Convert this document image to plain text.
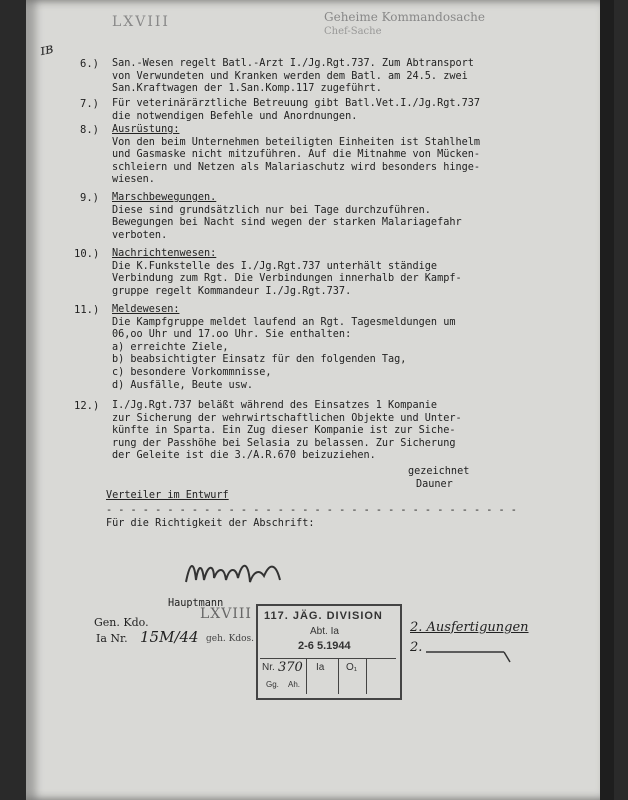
LXVIII	Geheime Kommandosache
Chef-Sache
ɪʙ
6.) San.-Wesen regelt Batl.-Arzt I./Jg.Rgt.737. Zum Abtransport
von Verwundeten und Kranken werden dem Batl. am 24.5. zwei
San.Kraftwagen der 1.San.Komp.117 zugeführt.
7.) Für veterinärärztliche Betreuung gibt Batl.Vet.I./Jg.Rgt.737
die notwendigen Befehle und Anordnungen.
8.) Ausrüstung:
Von den beim Unternehmen beteiligten Einheiten ist Stahlhelm
und Gasmaske nicht mitzuführen. Auf die Mitnahme von Mücken-
schleiern und Netzen als Malariaschutz wird besonders hinge-
wiesen.
9.) Marschbewegungen.
Diese sind grundsätzlich nur bei Tage durchzuführen.
Bewegungen bei Nacht sind wegen der starken Malariagefahr
verboten.
10.) Nachrichtenwesen:
Die K.Funkstelle des I./Jg.Rgt.737 unterhält ständige
Verbindung zum Rgt. Die Verbindungen innerhalb der Kampf-
gruppe regelt Kommandeur I./Jg.Rgt.737.
11.) Meldewesen:
Die Kampfgruppe meldet laufend an Rgt. Tagesmeldungen um
06,oo Uhr und 17.oo Uhr. Sie enthalten:
a) erreichte Ziele,
b) beabsichtigter Einsatz für den folgenden Tag,
c) besondere Vorkommnisse,
d) Ausfälle, Beute usw.
12.) I./Jg.Rgt.737 beläßt während des Einsatzes 1 Kompanie
zur Sicherung der wehrwirtschaftlichen Objekte und Unter-
künfte in Sparta. Ein Zug dieser Kompanie ist zur Siche-
rung der Passhöhe bei Selasia zu belassen. Zur Sicherung
der Geleite ist die 3./A.R.670 beizuziehen.
gezeichnet
Dauner
Verteiler im Entwurf
- - - - - - - - - - - - - - - - - - - - - - - - - - - - - - - - - -
Für die Richtigkeit der Abschrift:
Hauptmann
Gen. Kdo.
Ia Nr. 15M/44 geh. Kdos.
LXVIII 117. JÄG. DIVISION
Abt. Ia
2-6 5.1944
Nr. 370 Ia O₁
Gg. Ah.
2. Ausfertigungen
2.
